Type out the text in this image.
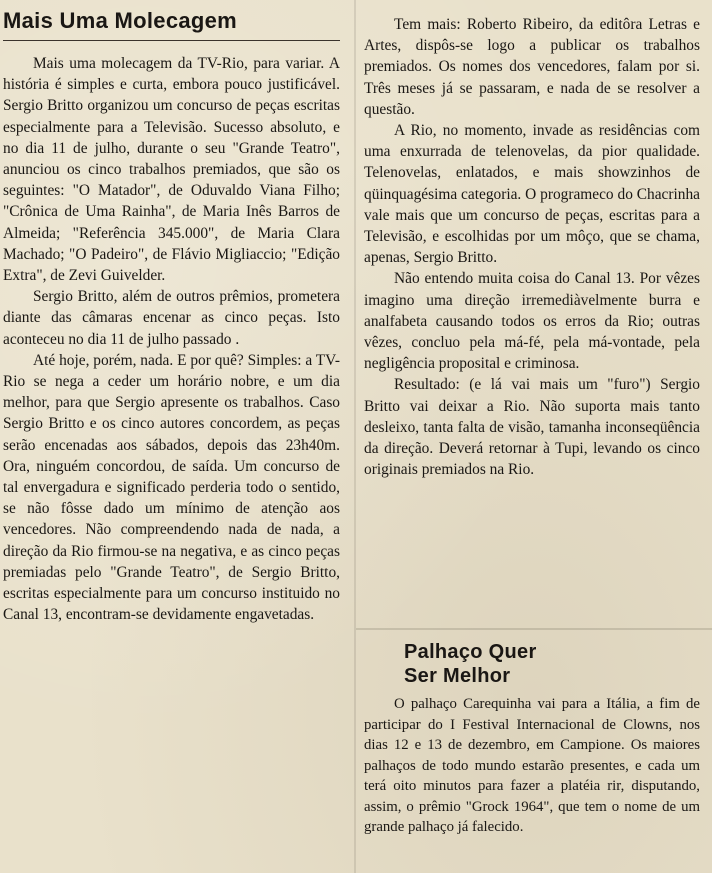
Mais Uma Molecagem

Mais uma molecagem da TV-Rio, para variar. A história é simples e curta, embora pouco justificável. Sergio Britto organizou um concurso de peças escritas especialmente para a Televisão. Sucesso absoluto, e no dia 11 de julho, durante o seu "Grande Teatro", anunciou os cinco trabalhos premiados, que são os seguintes: "O Matador", de Oduvaldo Viana Filho; "Crônica de Uma Rainha", de Maria Inês Barros de Almeida; "Referência 345.000", de Maria Clara Machado; "O Padeiro", de Flávio Migliaccio; "Edição Extra", de Zevi Guivelder.

Sergio Britto, além de outros prêmios, prometera diante das câmaras encenar as cinco peças. Isto aconteceu no dia 11 de julho passado .

Até hoje, porém, nada. E por quê? Simples: a TV-Rio se nega a ceder um horário nobre, e um dia melhor, para que Sergio apresente os trabalhos. Caso Sergio Britto e os cinco autores concordem, as peças serão encenadas aos sábados, depois das 23h40m. Ora, ninguém concordou, de saída. Um concurso de tal envergadura e significado perderia todo o sentido, se não fôsse dado um mínimo de atenção aos vencedores. Não compreendendo nada de nada, a direção da Rio firmou-se na negativa, e as cinco peças premiadas pelo "Grande Teatro", de Sergio Britto, escritas especialmente para um concurso instituido no Canal 13, encontram-se devidamente engavetadas.

Tem mais: Roberto Ribeiro, da editôra Letras e Artes, dispôs-se logo a publicar os trabalhos premiados. Os nomes dos vencedores, falam por si. Três meses já se passaram, e nada de se resolver a questão.

A Rio, no momento, invade as residências com uma enxurrada de telenovelas, da pior qualidade. Telenovelas, enlatados, e mais showzinhos de qüinquagésima categoria. O programeco do Chacrinha vale mais que um concurso de peças, escritas para a Televisão, e escolhidas por um môço, que se chama, apenas, Sergio Britto.

Não entendo muita coisa do Canal 13. Por vêzes imagino uma direção irremediàvelmente burra e analfabeta causando todos os erros da Rio; outras vêzes, concluo pela má-fé, pela má-vontade, pela negligência proposital e criminosa.

Resultado: (e lá vai mais um "furo") Sergio Britto vai deixar a Rio. Não suporta mais tanto desleixo, tanta falta de visão, tamanha inconseqüência da direção. Deverá retornar à Tupi, levando os cinco originais premiados na Rio.

Palhaço Quer Ser Melhor

O palhaço Carequinha vai para a Itália, a fim de participar do I Festival Internacional de Clowns, nos dias 12 e 13 de dezembro, em Campione. Os maiores palhaços de todo mundo estarão presentes, e cada um terá oito minutos para fazer a platéia rir, disputando, assim, o prêmio "Grock 1964", que tem o nome de um grande palhaço já falecido.
